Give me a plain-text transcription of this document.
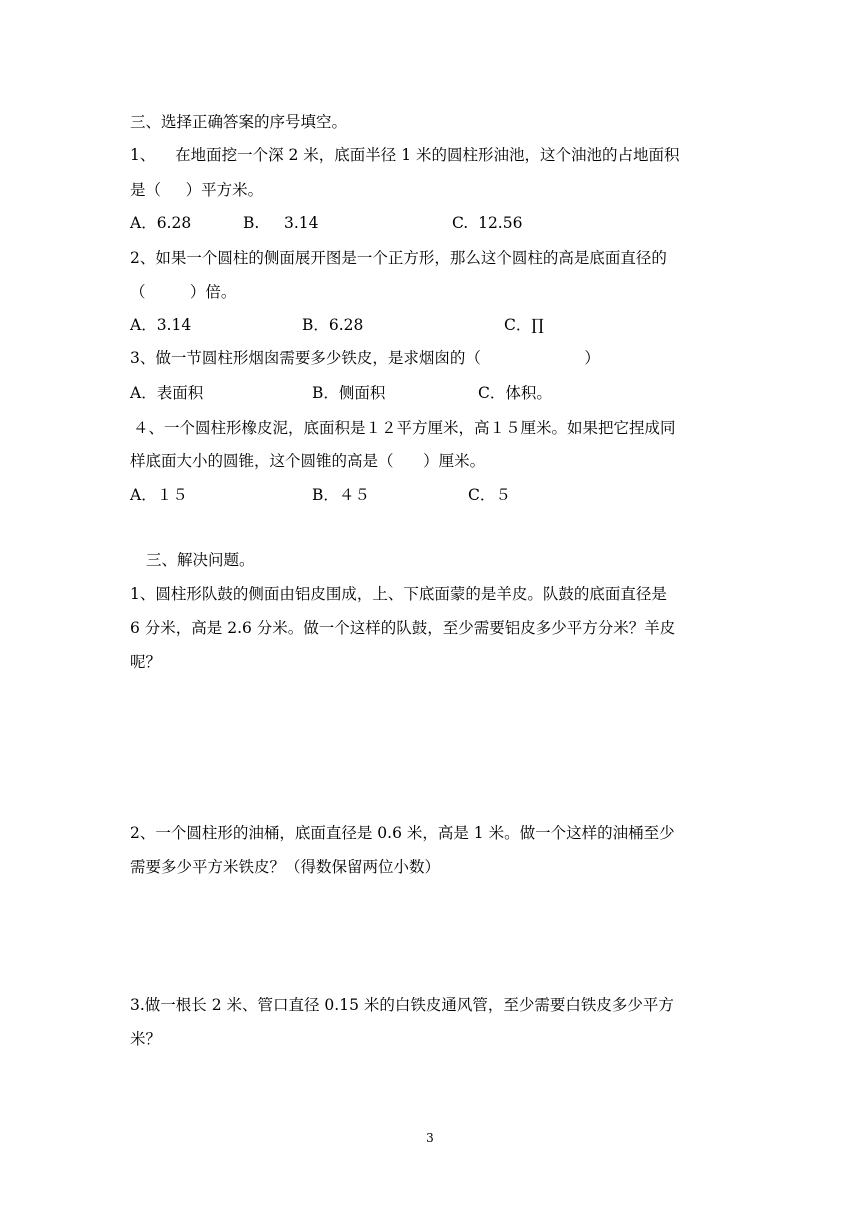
三、选择正确答案的序号填空。
1、    在地面挖一个深 2 米，底面半径 1 米的圆柱形油池，这个油池的占地面积
是（     ）平方米。
A．6.28	B.     3.14	C.  12.56
2、如果一个圆柱的侧面展开图是一个正方形，那么这个圆柱的高是底面直径的
（         ）倍。
A．3.14	B．6.28	C．∏
3、做一节圆柱形烟囱需要多少铁皮，是求烟囱的（                     ）
A．表面积	B．侧面积	C．体积。
４、一个圆柱形橡皮泥，底面积是１２平方厘米，高１５厘米。如果把它捏成同
样底面大小的圆锥，这个圆锥的高是（      ）厘米。
A．１５	B．４５	C．５
三、解决问题。
1、圆柱形队鼓的侧面由铝皮围成，上、下底面蒙的是羊皮。队鼓的底面直径是
6 分米，高是 2.6 分米。做一个这样的队鼓，至少需要铝皮多少平方分米？羊皮
呢？
2、一个圆柱形的油桶，底面直径是 0.6 米，高是 1 米。做一个这样的油桶至少
需要多少平方米铁皮？（得数保留两位小数）
3.做一根长 2 米、管口直径 0.15 米的白铁皮通风管，至少需要白铁皮多少平方
米？
3
